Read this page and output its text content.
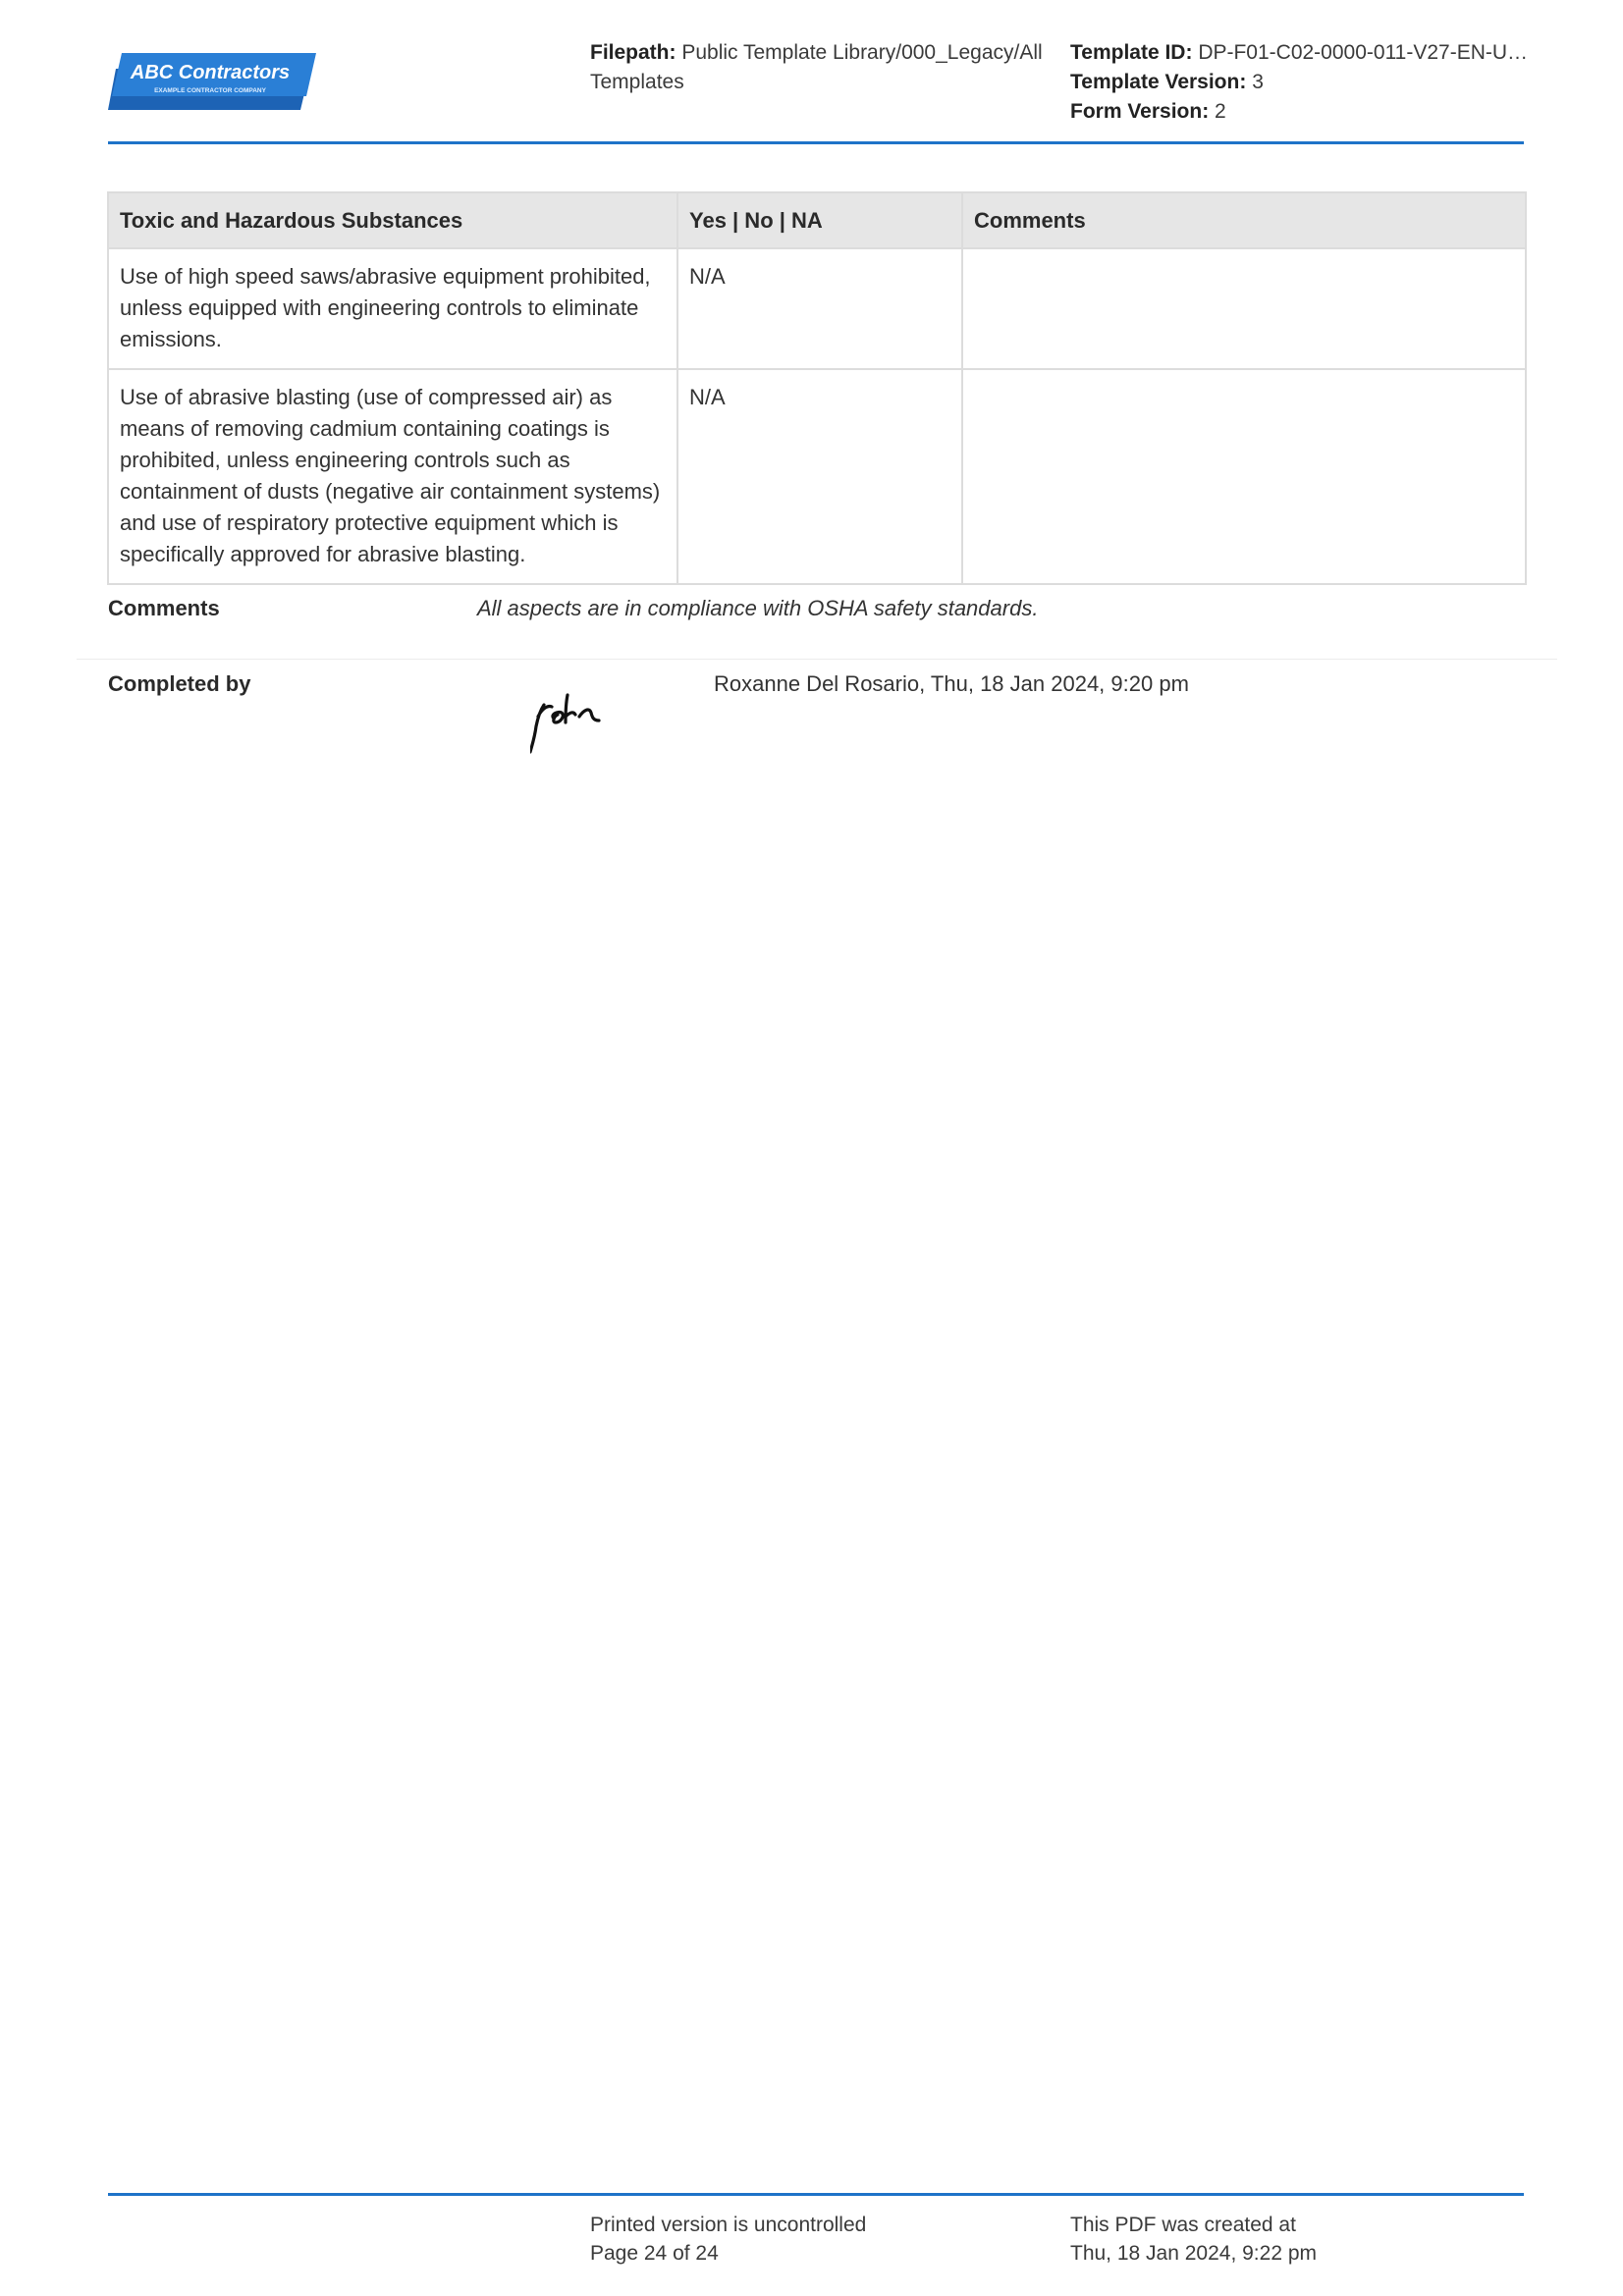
ABC Contractors
EXAMPLE CONTRACTOR COMPANY
Filepath: Public Template Library/000_Legacy/All Templates
Template ID: DP-F01-C02-0000-011-V27-EN-U…
Template Version: 3
Form Version: 2
Toxic and Hazardous Substances	Yes | No | NA	Comments
Use of high speed saws/abrasive equipment prohibited, unless equipped with engineering controls to eliminate emissions.	N/A	
Use of abrasive blasting (use of compressed air) as means of removing cadmium containing coatings is prohibited, unless engineering controls such as containment of dusts (negative air containment systems) and use of respiratory protective equipment which is specifically approved for abrasive blasting.	N/A	
Comments	All aspects are in compliance with OSHA safety standards.
Completed by	Roxanne Del Rosario, Thu, 18 Jan 2024, 9:20 pm
Printed version is uncontrolled
Page 24 of 24
This PDF was created at
Thu, 18 Jan 2024, 9:22 pm
